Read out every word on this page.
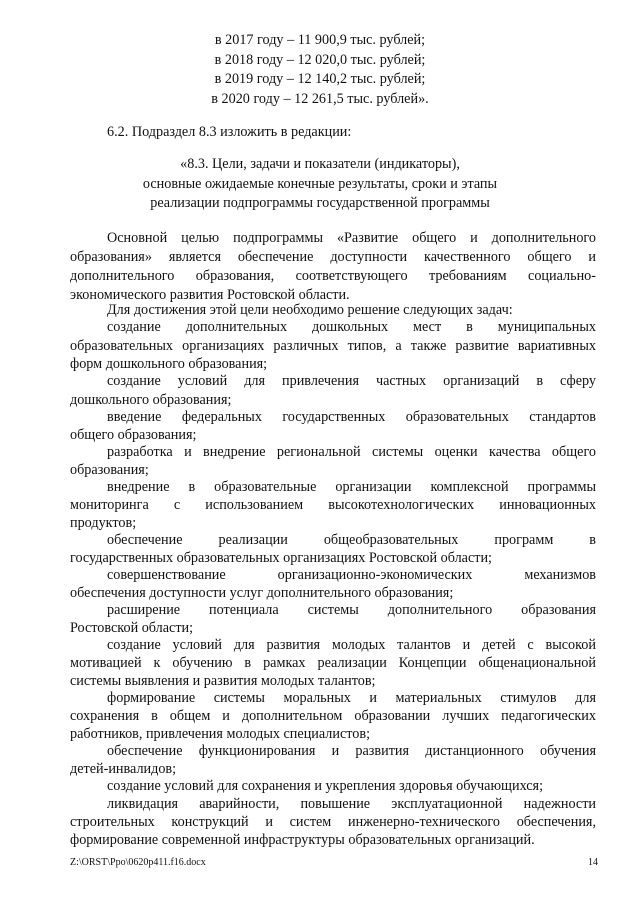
в 2017 году – 11 900,9 тыс. рублей;
в 2018 году – 12 020,0 тыс. рублей;
в 2019 году – 12 140,2 тыс. рублей;
в 2020 году – 12 261,5 тыс. рублей».
6.2. Подраздел 8.3 изложить в редакции:
«8.3. Цели, задачи и показатели (индикаторы),
основные ожидаемые конечные результаты, сроки и этапы
реализации подпрограммы государственной программы
Основной целью подпрограммы «Развитие общего и дополнительного
образования» является обеспечение доступности качественного общего и
дополнительного образования, соответствующего требованиям социально-
экономического развития Ростовской области.
Для достижения этой цели необходимо решение следующих задач:
создание дополнительных дошкольных мест в муниципальных
образовательных организациях различных типов, а также развитие вариативных
форм дошкольного образования;
создание условий для привлечения частных организаций в сферу
дошкольного образования;
введение федеральных государственных образовательных стандартов
общего образования;
разработка и внедрение региональной системы оценки качества общего
образования;
внедрение в образовательные организации комплексной программы
мониторинга с использованием высокотехнологических инновационных
продуктов;
обеспечение реализации общеобразовательных программ в
государственных образовательных организациях Ростовской области;
совершенствование организационно-экономических механизмов
обеспечения доступности услуг дополнительного образования;
расширение потенциала системы дополнительного образования
Ростовской области;
создание условий для развития молодых талантов и детей с высокой
мотивацией к обучению в рамках реализации Концепции общенациональной
системы выявления и развития молодых талантов;
формирование системы моральных и материальных стимулов для
сохранения в общем и дополнительном образовании лучших педагогических
работников, привлечения молодых специалистов;
обеспечение функционирования и развития дистанционного обучения
детей-инвалидов;
создание условий для сохранения и укрепления здоровья обучающихся;
ликвидация аварийности, повышение эксплуатационной надежности
строительных конструкций и систем инженерно-технического обеспечения,
формирование современной инфраструктуры образовательных организаций.
Z:\ORST\Ppo\0620p411.f16.docx	14
